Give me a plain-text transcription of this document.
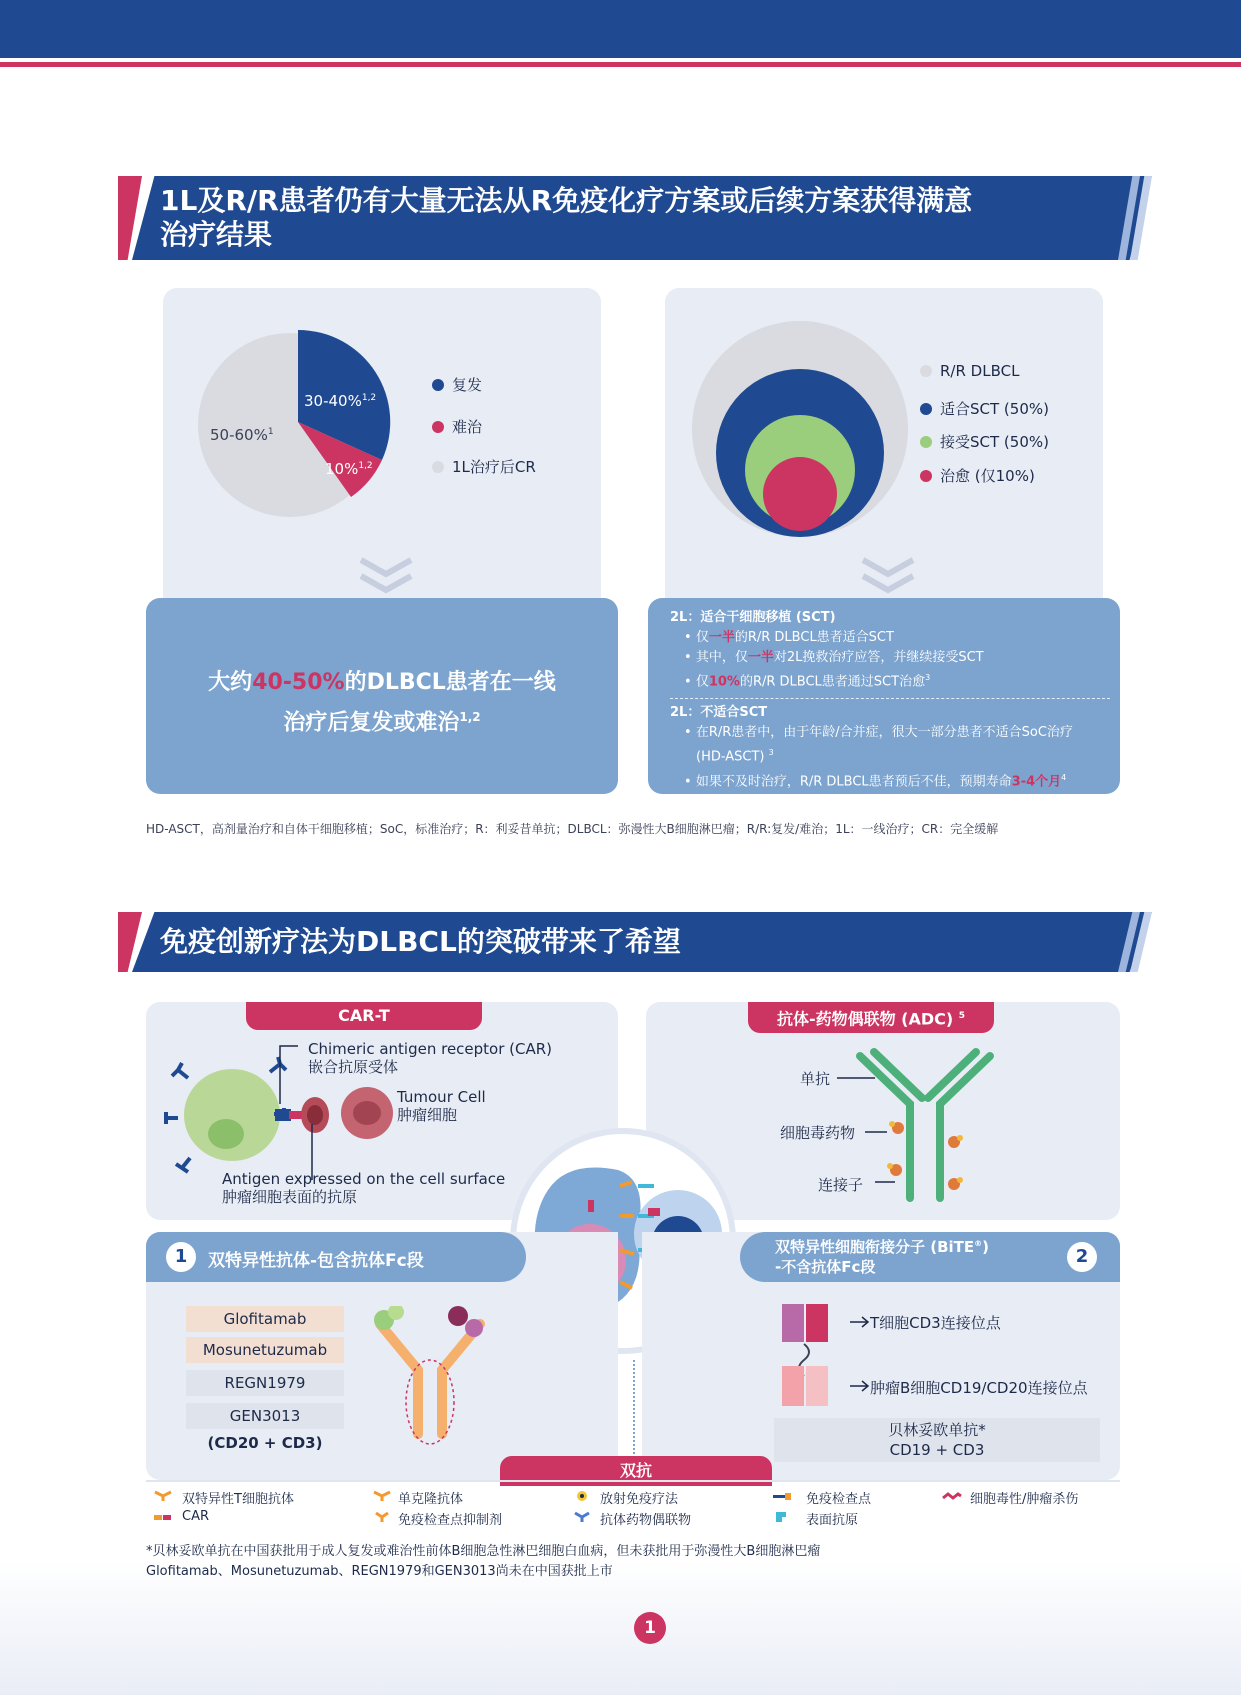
1L及R/R患者仍有大量无法从R免疫化疗方案或后续方案获得满意
治疗结果
30-40%$^{1,2}$
10%$^{1,2}$
50-60%$^1$
复发
难治
1L治疗后CR
大约40-50%的DLBCL患者在一线
治疗后复发或难治$^{1,2}$
R/R DLBCL
适合SCT (50%)
接受SCT (50%)
治愈 (仅10%)
2L：适合干细胞移植 (SCT)
• 仅一半的R/R DLBCL患者适合SCT
• 其中，仅一半对2L挽救治疗应答，并继续接受SCT
• 仅10%的R/R DLBCL患者通过SCT治愈$^3$
2L：不适合SCT
• 在R/R患者中，由于年龄/合并症，很大一部分患者不适合SoC治疗
(HD-ASCT) $^3$
• 如果不及时治疗，R/R DLBCL患者预后不佳，预期寿命3-4个月$^4$
HD-ASCT，高剂量治疗和自体干细胞移植；SoC，标准治疗；R：利妥昔单抗；DLBCL：弥漫性大B细胞淋巴瘤；R/R:复发/难治；1L：一线治疗；CR：完全缓解
免疫创新疗法为DLBCL的突破带来了希望
CAR-T
Chimeric antigen receptor (CAR)
嵌合抗原受体
Tumour Cell
肿瘤细胞
Antigen expressed on the cell surface
肿瘤细胞表面的抗原
抗体-药物偶联物 (ADC) $^5$
单抗
细胞毒药物
连接子
1	双特异性抗体-包含抗体Fc段
Glofitamab
Mosunetuzumab
REGN1979
GEN3013
(CD20 + CD3)
双特异性细胞衔接分子 (BiTE®)
-不含抗体Fc段	2
T细胞CD3连接位点
肿瘤B细胞CD19/CD20连接位点
贝林妥欧单抗*
CD19 + CD3
双抗
双特异性T细胞抗体
CAR
单克隆抗体
免疫检查点抑制剂
放射免疫疗法
抗体药物偶联物
免疫检查点
表面抗原
细胞毒性/肿瘤杀伤
*贝林妥欧单抗在中国获批用于成人复发或难治性前体B细胞急性淋巴细胞白血病，但未获批用于弥漫性大B细胞淋巴瘤
Glofitamab、Mosunetuzumab、REGN1979和GEN3013尚未在中国获批上市
1
